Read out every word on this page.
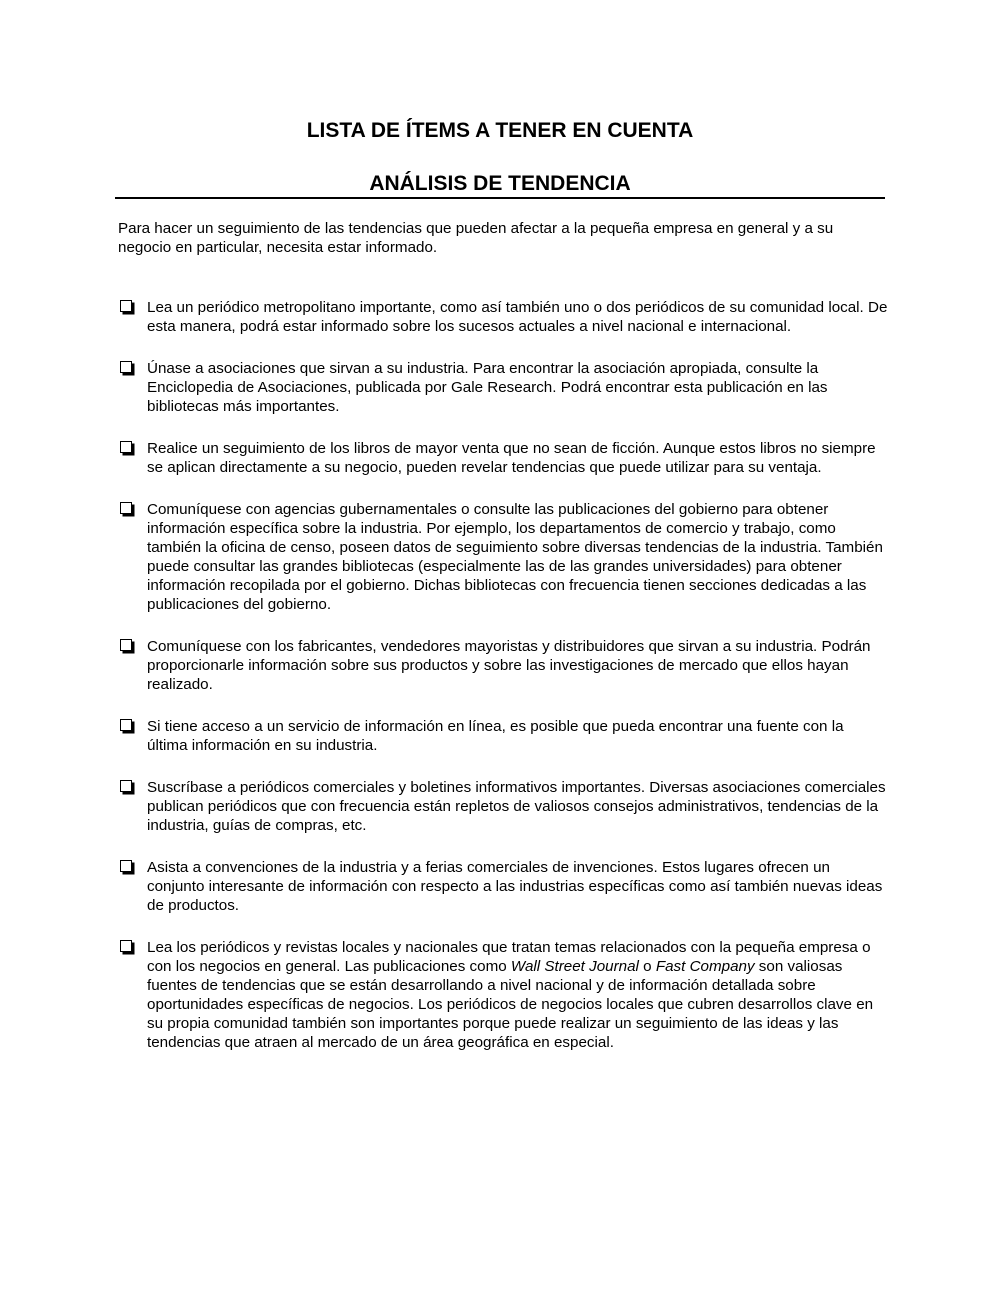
LISTA DE ÍTEMS A TENER EN CUENTA
ANÁLISIS DE TENDENCIA

Para hacer un seguimiento de las tendencias que pueden afectar a la pequeña empresa en general y a su negocio en particular, necesita estar informado.

Lea un periódico metropolitano importante, como así también uno o dos periódicos de su comunidad local. De esta manera, podrá estar informado sobre los sucesos actuales a nivel nacional e internacional.
Únase a asociaciones que sirvan a su industria. Para encontrar la asociación apropiada, consulte la Enciclopedia de Asociaciones, publicada por Gale Research. Podrá encontrar esta publicación en las bibliotecas más importantes.
Realice un seguimiento de los libros de mayor venta que no sean de ficción. Aunque estos libros no siempre se aplican directamente a su negocio, pueden revelar tendencias que puede utilizar para su ventaja.
Comuníquese con agencias gubernamentales o consulte las publicaciones del gobierno para obtener información específica sobre la industria. Por ejemplo, los departamentos de comercio y trabajo, como también la oficina de censo, poseen datos de seguimiento sobre diversas tendencias de la industria. También puede consultar las grandes bibliotecas (especialmente las de las grandes universidades) para obtener información recopilada por el gobierno. Dichas bibliotecas con frecuencia tienen secciones dedicadas a las publicaciones del gobierno.
Comuníquese con los fabricantes, vendedores mayoristas y distribuidores que sirvan a su industria. Podrán proporcionarle información sobre sus productos y sobre las investigaciones de mercado que ellos hayan realizado.
Si tiene acceso a un servicio de información en línea, es posible que pueda encontrar una fuente con la última información en su industria.
Suscríbase a periódicos comerciales y boletines informativos importantes. Diversas asociaciones comerciales publican periódicos que con frecuencia están repletos de valiosos consejos administrativos, tendencias de la industria, guías de compras, etc.
Asista a convenciones de la industria y a ferias comerciales de invenciones. Estos lugares ofrecen un conjunto interesante de información con respecto a las industrias específicas como así también nuevas ideas de productos.
Lea los periódicos y revistas locales y nacionales que tratan temas relacionados con la pequeña empresa o con los negocios en general. Las publicaciones como Wall Street Journal o Fast Company son valiosas fuentes de tendencias que se están desarrollando a nivel nacional y de información detallada sobre oportunidades específicas de negocios. Los periódicos de negocios locales que cubren desarrollos clave en su propia comunidad también son importantes porque puede realizar un seguimiento de las ideas y las tendencias que atraen al mercado de un área geográfica en especial.
